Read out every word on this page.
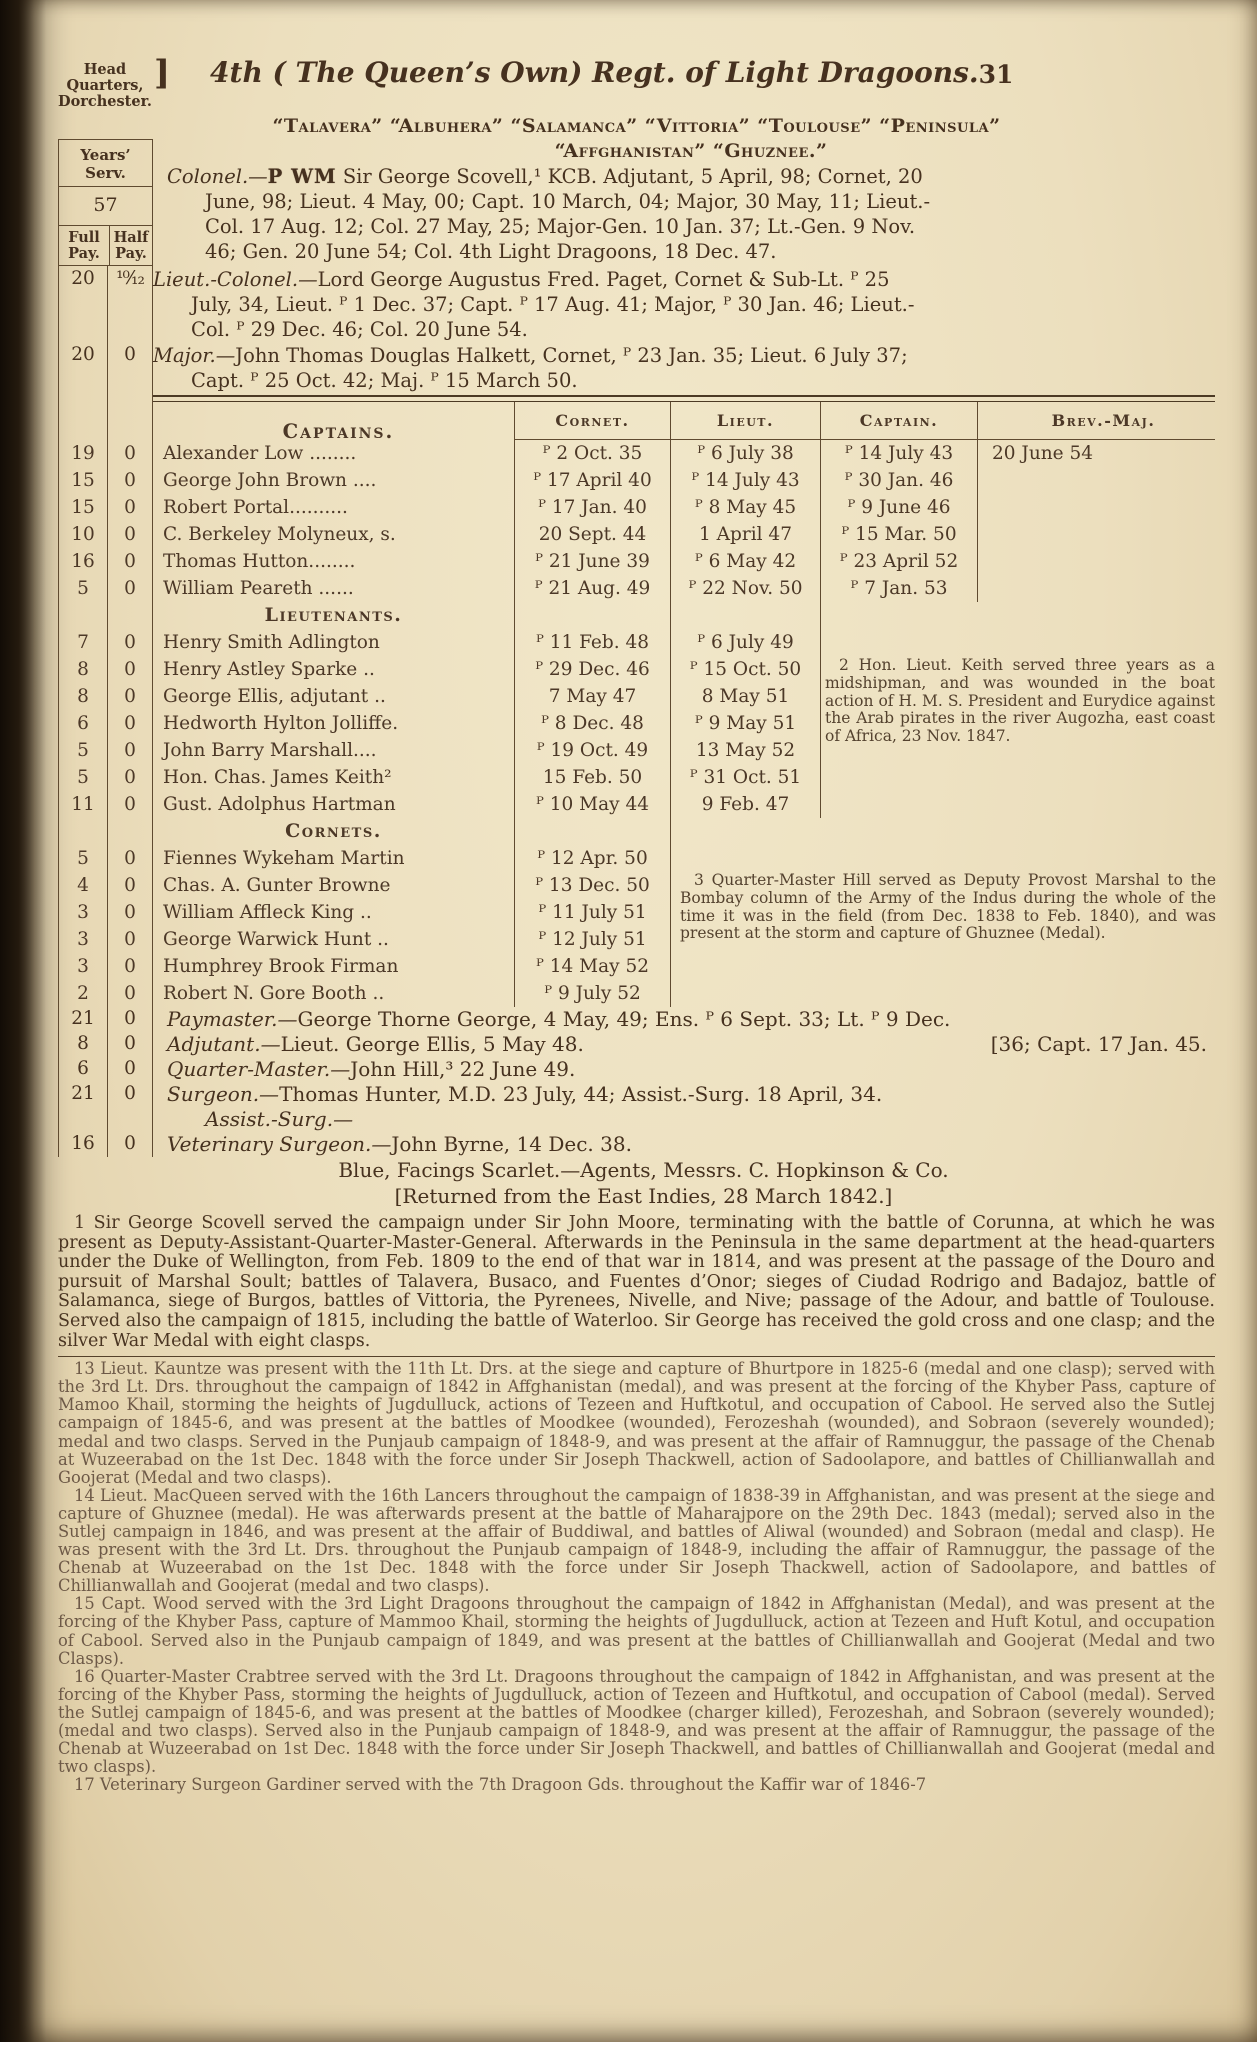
Head Quarters,
Dorchester.
] 4th ( The Queen’s Own) Regt. of Light Dragoons. 31
“Talavera” “Albuhera” “Salamanca” “Vittoria” “Toulouse” “Peninsula”
Years’ Serv.
57
Full Pay.
Half Pay.
“Affghanistan” “Ghuznee.”
Colonel.—P WM Sir George Scovell,¹ KCB. Adjutant, 5 April, 98; Cornet, 20 June, 98; Lieut. 4 May, 00; Capt. 10 March, 04; Major, 30 May, 11; Lieut.-Col. 17 Aug. 12; Col. 27 May, 25; Major-Gen. 10 Jan. 37; Lt.-Gen. 9 Nov. 46; Gen. 20 June 54; Col. 4th Light Dragoons, 18 Dec. 47.
20	¹⁰⁄₁₂ Lieut.-Colonel.—Lord George Augustus Fred. Paget, Cornet & Sub-Lt. ᴾ 25 July, 34, Lieut. ᴾ 1 Dec. 37; Capt. ᴾ 17 Aug. 41; Major, ᴾ 30 Jan. 46; Lieut.-Col. ᴾ 29 Dec. 46; Col. 20 June 54.
20	0 Major.—John Thomas Douglas Halkett, Cornet, ᴾ 23 Jan. 35; Lieut. 6 July 37; Capt. ᴾ 25 Oct. 42; Maj. ᴾ 15 March 50.
Captains.	Cornet.	Lieut.	Captain.	Brev.-Maj.
19	0	Alexander Low ........	ᴾ 2 Oct. 35	ᴾ 6 July 38	ᴾ 14 July 43	20 June 54
15	0	George John Brown ....	ᴾ 17 April 40	ᴾ 14 July 43	ᴾ 30 Jan. 46
15	0	Robert Portal..........	ᴾ 17 Jan. 40	ᴾ 8 May 45	ᴾ 9 June 46
10	0	C. Berkeley Molyneux, s.	20 Sept. 44	1 April 47	ᴾ 15 Mar. 50
16	0	Thomas Hutton........	ᴾ 21 June 39	ᴾ 6 May 42	ᴾ 23 April 52
5	0	William Peareth ......	ᴾ 21 Aug. 49	ᴾ 22 Nov. 50	ᴾ 7 Jan. 53
Lieutenants.
7	0	Henry Smith Adlington	ᴾ 11 Feb. 48	ᴾ 6 July 49
8	0	Henry Astley Sparke ..	ᴾ 29 Dec. 46	ᴾ 15 Oct. 50
8	0	George Ellis, adjutant ..	7 May 47	8 May 51
6	0	Hedworth Hylton Jolliffe.	ᴾ 8 Dec. 48	ᴾ 9 May 51
5	0	John Barry Marshall....	ᴾ 19 Oct. 49	13 May 52
5	0	Hon. Chas. James Keith²	15 Feb. 50	ᴾ 31 Oct. 51
11	0	Gust. Adolphus Hartman	ᴾ 10 May 44	9 Feb. 47
Cornets.
5	0	Fiennes Wykeham Martin	ᴾ 12 Apr. 50
4	0	Chas. A. Gunter Browne	ᴾ 13 Dec. 50
3	0	William Affleck King ..	ᴾ 11 July 51
3	0	George Warwick Hunt ..	ᴾ 12 July 51
3	0	Humphrey Brook Firman	ᴾ 14 May 52
2	0	Robert N. Gore Booth ..	ᴾ 9 July 52
2 Hon. Lieut. Keith served three years as a midshipman, and was wounded in the boat action of H. M. S. President and Eurydice against the Arab pirates in the river Augozha, east coast of Africa, 23 Nov. 1847.
3 Quarter-Master Hill served as Deputy Provost Marshal to the Bombay column of the Army of the Indus during the whole of the time it was in the field (from Dec. 1838 to Feb. 1840), and was present at the storm and capture of Ghuznee (Medal).
21	0	Paymaster.—George Thorne George, 4 May, 49; Ens. ᴾ 6 Sept. 33; Lt. ᴾ 9 Dec.
8	0	Adjutant.—Lieut. George Ellis, 5 May 48.	[36; Capt. 17 Jan. 45.
6	0	Quarter-Master.—John Hill,³ 22 June 49.
21	0	Surgeon.—Thomas Hunter, M.D. 23 July, 44; Assist.-Surg. 18 April, 34.
Assist.-Surg.—
16	0	Veterinary Surgeon.—John Byrne, 14 Dec. 38.
Blue, Facings Scarlet.—Agents, Messrs. C. Hopkinson & Co.
[Returned from the East Indies, 28 March 1842.]
1 Sir George Scovell served the campaign under Sir John Moore, terminating with the battle of Corunna, at which he was present as Deputy-Assistant-Quarter-Master-General. Afterwards in the Peninsula in the same department at the head-quarters under the Duke of Wellington, from Feb. 1809 to the end of that war in 1814, and was present at the passage of the Douro and pursuit of Marshal Soult; battles of Talavera, Busaco, and Fuentes d’Onor; sieges of Ciudad Rodrigo and Badajoz, battle of Salamanca, siege of Burgos, battles of Vittoria, the Pyrenees, Nivelle, and Nive; passage of the Adour, and battle of Toulouse. Served also the campaign of 1815, including the battle of Waterloo. Sir George has received the gold cross and one clasp; and the silver War Medal with eight clasps.
13 Lieut. Kauntze was present with the 11th Lt. Drs. at the siege and capture of Bhurtpore in 1825-6 (medal and one clasp); served with the 3rd Lt. Drs. throughout the campaign of 1842 in Affghanistan (medal), and was present at the forcing of the Khyber Pass, capture of Mamoo Khail, storming the heights of Jugdulluck, actions of Tezeen and Huftkotul, and occupation of Cabool. He served also the Sutlej campaign of 1845-6, and was present at the battles of Moodkee (wounded), Ferozeshah (wounded), and Sobraon (severely wounded); medal and two clasps. Served in the Punjaub campaign of 1848-9, and was present at the affair of Ramnuggur, the passage of the Chenab at Wuzeerabad on the 1st Dec. 1848 with the force under Sir Joseph Thackwell, action of Sadoolapore, and battles of Chillianwallah and Goojerat (Medal and two clasps).
14 Lieut. MacQueen served with the 16th Lancers throughout the campaign of 1838-39 in Affghanistan, and was present at the siege and capture of Ghuznee (medal). He was afterwards present at the battle of Maharajpore on the 29th Dec. 1843 (medal); served also in the Sutlej campaign in 1846, and was present at the affair of Buddiwal, and battles of Aliwal (wounded) and Sobraon (medal and clasp). He was present with the 3rd Lt. Drs. throughout the Punjaub campaign of 1848-9, including the affair of Ramnuggur, the passage of the Chenab at Wuzeerabad on the 1st Dec. 1848 with the force under Sir Joseph Thackwell, action of Sadoolapore, and battles of Chillianwallah and Goojerat (medal and two clasps).
15 Capt. Wood served with the 3rd Light Dragoons throughout the campaign of 1842 in Affghanistan (Medal), and was present at the forcing of the Khyber Pass, capture of Mammoo Khail, storming the heights of Jugdulluck, action at Tezeen and Huft Kotul, and occupation of Cabool. Served also in the Punjaub campaign of 1849, and was present at the battles of Chillianwallah and Goojerat (Medal and two Clasps).
16 Quarter-Master Crabtree served with the 3rd Lt. Dragoons throughout the campaign of 1842 in Affghanistan, and was present at the forcing of the Khyber Pass, storming the heights of Jugdulluck, action of Tezeen and Huftkotul, and occupation of Cabool (medal). Served the Sutlej campaign of 1845-6, and was present at the battles of Moodkee (charger killed), Ferozeshah, and Sobraon (severely wounded); (medal and two clasps). Served also in the Punjaub campaign of 1848-9, and was present at the affair of Ramnuggur, the passage of the Chenab at Wuzeerabad on 1st Dec. 1848 with the force under Sir Joseph Thackwell, and battles of Chillianwallah and Goojerat (medal and two clasps).
17 Veterinary Surgeon Gardiner served with the 7th Dragoon Gds. throughout the Kaffir war of 1846-7
